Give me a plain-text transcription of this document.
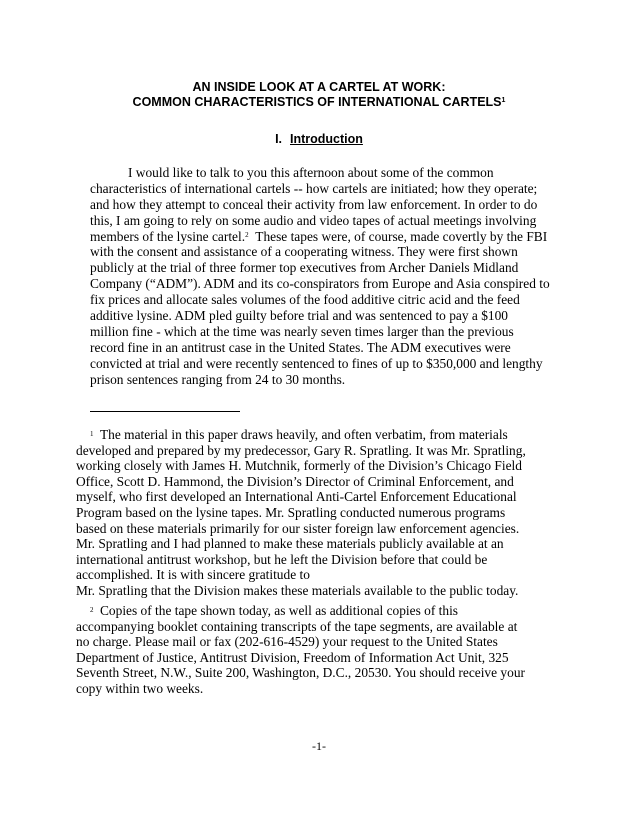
AN INSIDE LOOK AT A CARTEL AT WORK:
COMMON CHARACTERISTICS OF INTERNATIONAL CARTELS$^1$
I. Introduction
I would like to talk to you this afternoon about some of the common
characteristics of international cartels -- how cartels are initiated; how they operate;
and how they attempt to conceal their activity from law enforcement. In order to do
this, I am going to rely on some audio and video tapes of actual meetings involving
members of the lysine cartel.$^2$ These tapes were, of course, made covertly by the FBI
with the consent and assistance of a cooperating witness. They were first shown
publicly at the trial of three former top executives from Archer Daniels Midland
Company (“ADM”). ADM and its co-conspirators from Europe and Asia conspired to
fix prices and allocate sales volumes of the food additive citric acid and the feed
additive lysine. ADM pled guilty before trial and was sentenced to pay a $100
million fine - which at the time was nearly seven times larger than the previous
record fine in an antitrust case in the United States. The ADM executives were
convicted at trial and were recently sentenced to fines of up to $350,000 and lengthy
prison sentences ranging from 24 to 30 months.
1 The material in this paper draws heavily, and often verbatim, from materials
developed and prepared by my predecessor, Gary R. Spratling. It was Mr. Spratling,
working closely with James H. Mutchnik, formerly of the Division’s Chicago Field
Office, Scott D. Hammond, the Division’s Director of Criminal Enforcement, and
myself, who first developed an International Anti-Cartel Enforcement Educational
Program based on the lysine tapes. Mr. Spratling conducted numerous programs
based on these materials primarily for our sister foreign law enforcement agencies.
Mr. Spratling and I had planned to make these materials publicly available at an
international antitrust workshop, but he left the Division before that could be
accomplished. It is with sincere gratitude to
Mr. Spratling that the Division makes these materials available to the public today.
2 Copies of the tape shown today, as well as additional copies of this
accompanying booklet containing transcripts of the tape segments, are available at
no charge. Please mail or fax (202-616-4529) your request to the United States
Department of Justice, Antitrust Division, Freedom of Information Act Unit, 325
Seventh Street, N.W., Suite 200, Washington, D.C., 20530. You should receive your
copy within two weeks.
-1-
